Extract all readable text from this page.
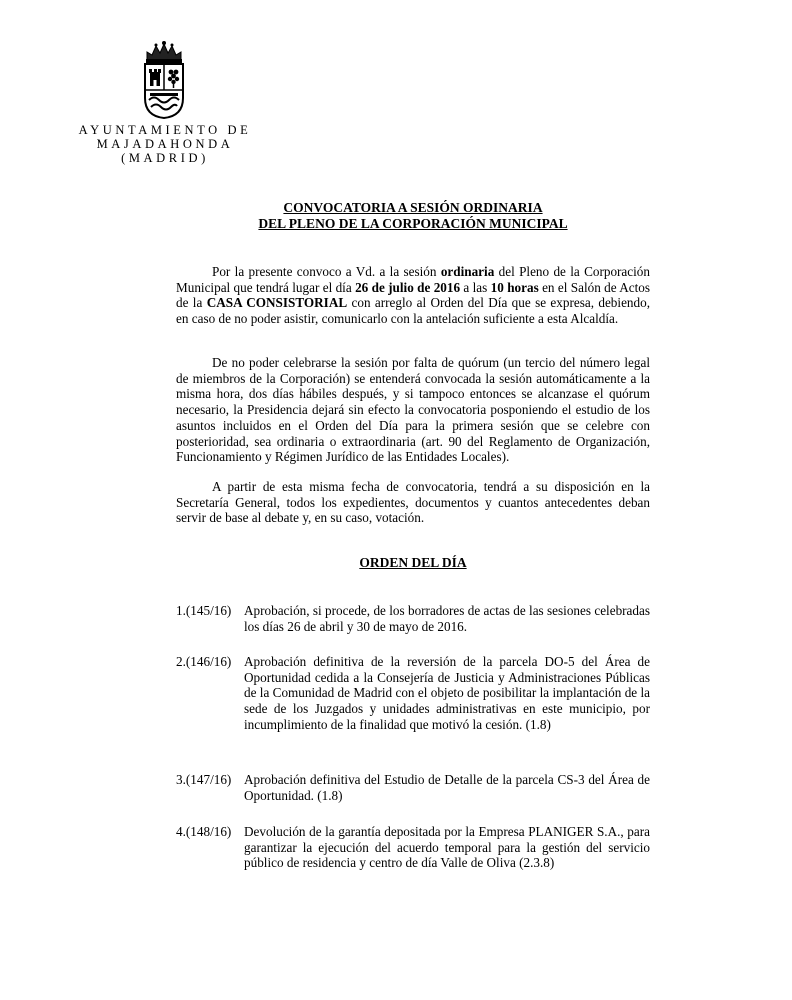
AYUNTAMIENTO DE
MAJADAHONDA
(MADRID)
CONVOCATORIA A SESIÓN ORDINARIA
DEL PLENO DE LA CORPORACIÓN MUNICIPAL
Por la presente convoco a Vd. a la sesión ordinaria del Pleno de la Corporación Municipal que tendrá lugar el día 26 de julio de 2016 a las 10 horas en el Salón de Actos de la CASA CONSISTORIAL con arreglo al Orden del Día que se expresa, debiendo, en caso de no poder asistir, comunicarlo con la antelación suficiente a esta Alcaldía.
De no poder celebrarse la sesión por falta de quórum (un tercio del número legal de miembros de la Corporación) se entenderá convocada la sesión automáticamente a la misma hora, dos días hábiles después, y si tampoco entonces se alcanzase el quórum necesario, la Presidencia dejará sin efecto la convocatoria posponiendo el estudio de los asuntos incluidos en el Orden del Día para la primera sesión que se celebre con posterioridad, sea ordinaria o extraordinaria (art. 90 del Reglamento de Organización, Funcionamiento y Régimen Jurídico de las Entidades Locales).
A partir de esta misma fecha de convocatoria, tendrá a su disposición en la Secretaría General, todos los expedientes, documentos y cuantos antecedentes deban servir de base al debate y, en su caso, votación.
ORDEN DEL DÍA
1.(145/16) Aprobación, si procede, de los borradores de actas de las sesiones celebradas los días 26 de abril y 30 de mayo de 2016.
2.(146/16) Aprobación definitiva de la reversión de la parcela DO-5 del Área de Oportunidad cedida a la Consejería de Justicia y Administraciones Públicas de la Comunidad de Madrid con el objeto de posibilitar la implantación de la sede de los Juzgados y unidades administrativas en este municipio, por incumplimiento de la finalidad que motivó la cesión. (1.8)
3.(147/16) Aprobación definitiva del Estudio de Detalle de la parcela CS-3 del Área de Oportunidad. (1.8)
4.(148/16) Devolución de la garantía depositada por la Empresa PLANIGER S.A., para garantizar la ejecución del acuerdo temporal para la gestión del servicio público de residencia y centro de día Valle de Oliva (2.3.8)
